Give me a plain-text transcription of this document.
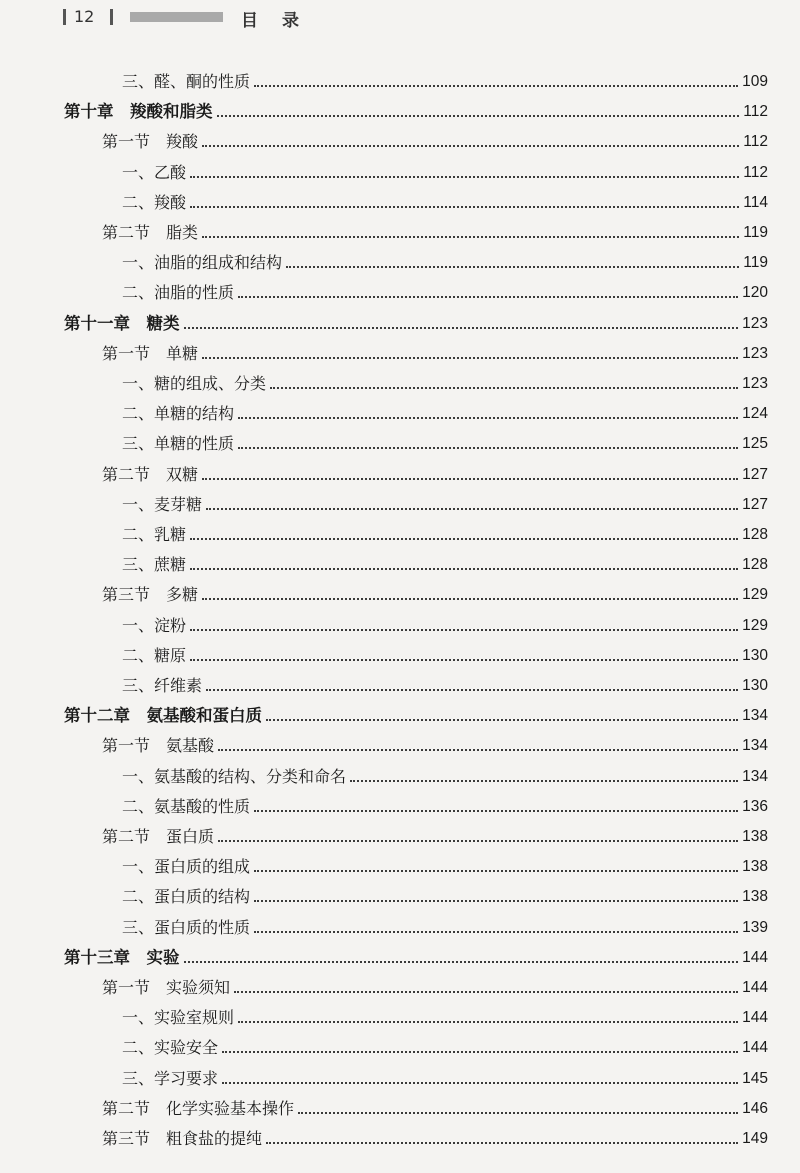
12	目录
三、醛、酮的性质	109
第十章　羧酸和脂类	112
第一节　羧酸	112
一、乙酸	112
二、羧酸	114
第二节　脂类	119
一、油脂的组成和结构	119
二、油脂的性质	120
第十一章　糖类	123
第一节　单糖	123
一、糖的组成、分类	123
二、单糖的结构	124
三、单糖的性质	125
第二节　双糖	127
一、麦芽糖	127
二、乳糖	128
三、蔗糖	128
第三节　多糖	129
一、淀粉	129
二、糖原	130
三、纤维素	130
第十二章　氨基酸和蛋白质	134
第一节　氨基酸	134
一、氨基酸的结构、分类和命名	134
二、氨基酸的性质	136
第二节　蛋白质	138
一、蛋白质的组成	138
二、蛋白质的结构	138
三、蛋白质的性质	139
第十三章　实验	144
第一节　实验须知	144
一、实验室规则	144
二、实验安全	144
三、学习要求	145
第二节　化学实验基本操作	146
第三节　粗食盐的提纯	149
